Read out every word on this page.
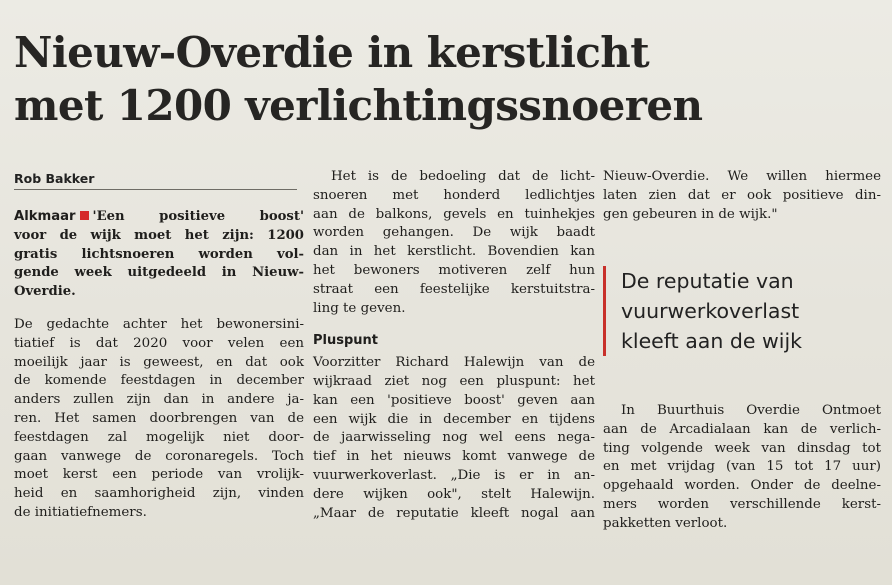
Nieuw-Overdie in kerstlicht
met 1200 verlichtingssnoeren
Rob Bakker
Alkmaar 'Een positieve boost'
voor de wijk moet het zijn: 1200
gratis lichtsnoeren worden vol-
gende week uitgedeeld in Nieuw-
Overdie.
De gedachte achter het bewonersini-
tiatief is dat 2020 voor velen een
moeilijk jaar is geweest, en dat ook
de komende feestdagen in december
anders zullen zijn dan in andere ja-
ren. Het samen doorbrengen van de
feestdagen zal mogelijk niet door-
gaan vanwege de coronaregels. Toch
moet kerst een periode van vrolijk-
heid en saamhorigheid zijn, vinden
de initiatiefnemers.
Het is de bedoeling dat de licht-
snoeren met honderd ledlichtjes
aan de balkons, gevels en tuinhekjes
worden gehangen. De wijk baadt
dan in het kerstlicht. Bovendien kan
het bewoners motiveren zelf hun
straat een feestelijke kerstuitstra-
ling te geven.
Pluspunt
Voorzitter Richard Halewijn van de
wijkraad ziet nog een pluspunt: het
kan een 'positieve boost' geven aan
een wijk die in december en tijdens
de jaarwisseling nog wel eens nega-
tief in het nieuws komt vanwege de
vuurwerkoverlast. „Die is er in an-
dere wijken ook", stelt Halewijn.
„Maar de reputatie kleeft nogal aan
Nieuw-Overdie. We willen hiermee
laten zien dat er ook positieve din-
gen gebeuren in de wijk."
De reputatie van
vuurwerkoverlast
kleeft aan de wijk
In Buurthuis Overdie Ontmoet
aan de Arcadialaan kan de verlich-
ting volgende week van dinsdag tot
en met vrijdag (van 15 tot 17 uur)
opgehaald worden. Onder de deelne-
mers worden verschillende kerst-
pakketten verloot.
